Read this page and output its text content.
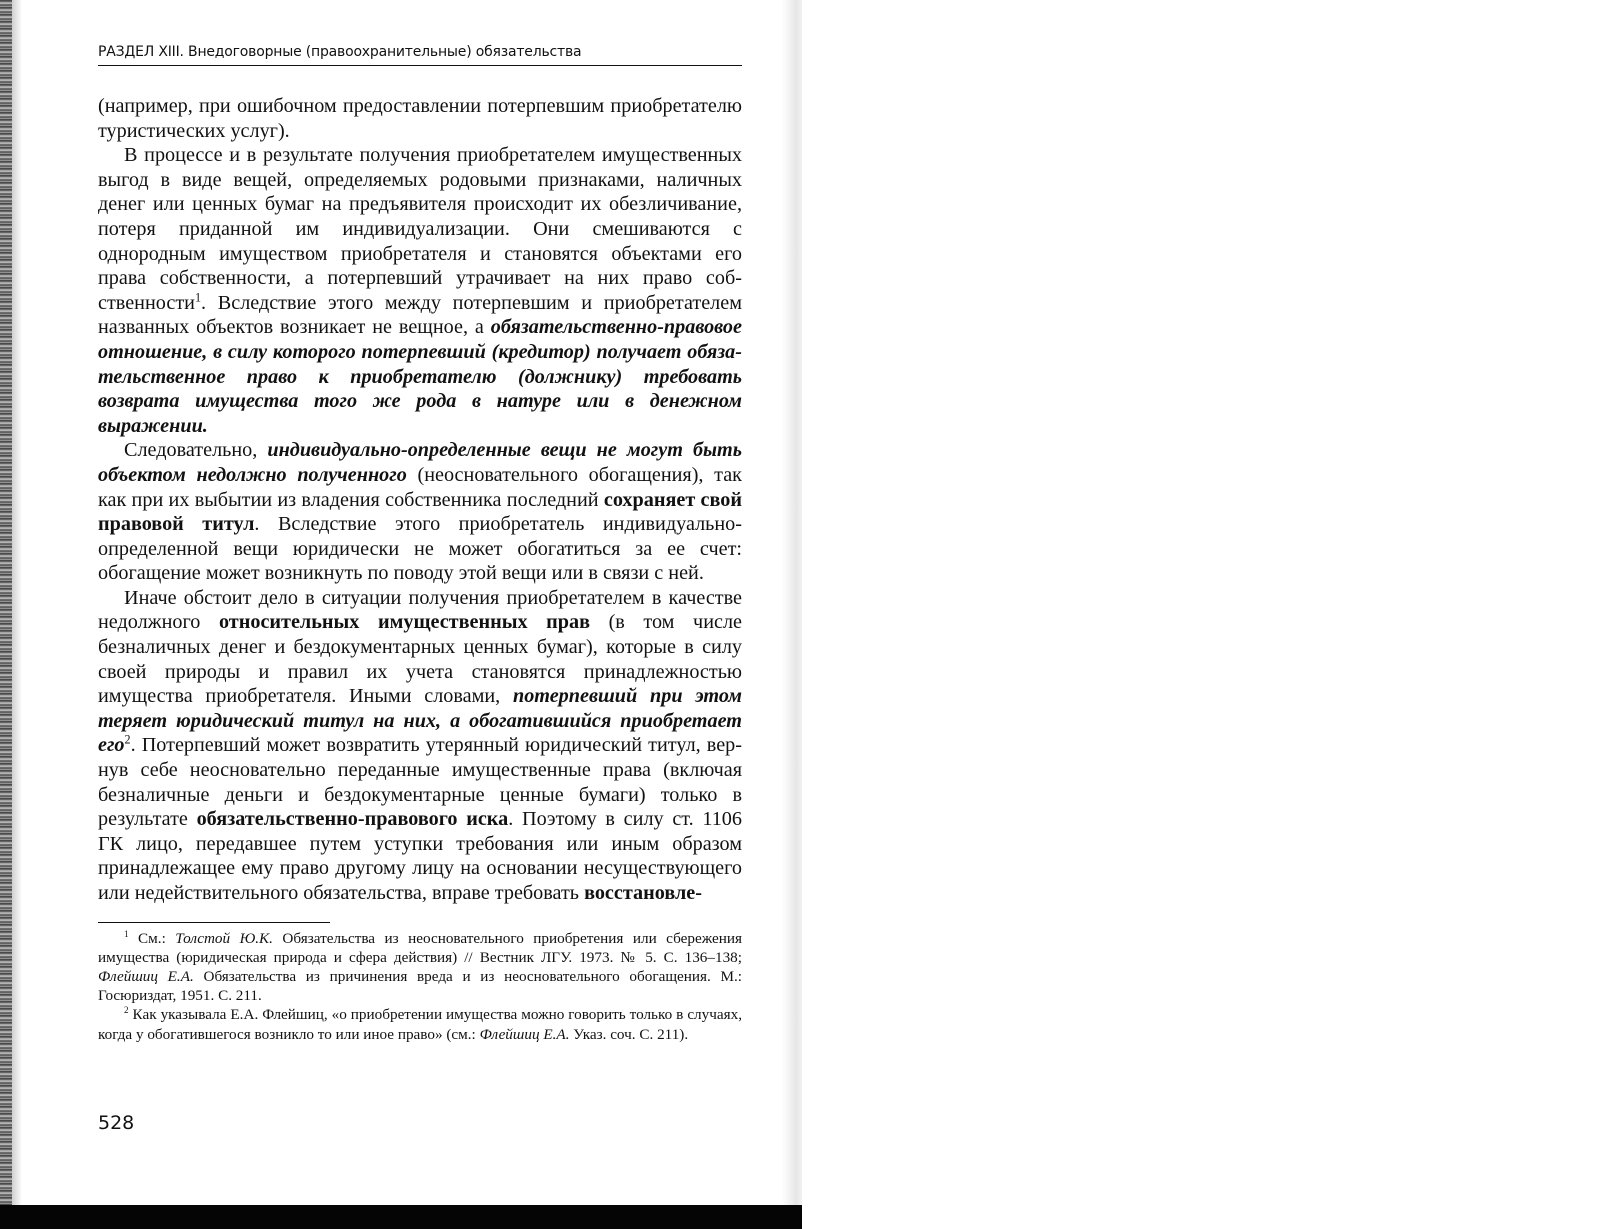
РАЗДЕЛ XIII. Внедоговорные (правоохранительные) обязательства

(например, при ошибочном предоставлении потерпевшим приобретателю туристических услуг).

В процессе и в результате получения приобретателем имущественных выгод в виде вещей, определяемых родовыми признаками, наличных денег или ценных бумаг на предъявителя происходит их обезличивание, потеря приданной им индивидуализации. Они смешиваются с однородным имуществом приобретателя и становятся объектами его права собственности, а потерпевший утрачивает на них право собственности$^1$. Вследствие этого между потерпевшим и приобретателем названных объектов возникает не вещное, а обязательственно-правовое отношение, в силу которого потерпевший (кредитор) получает обязательственное право к приобретателю (должнику) требовать возврата имущества того же рода в натуре или в денежном выражении.

Следовательно, индивидуально-определенные вещи не могут быть объектом недолжно полученного (неосновательного обогащения), так как при их выбытии из владения собственника последний сохраняет свой правовой титул. Вследствие этого приобретатель индивидуально-определенной вещи юридически не может обогатиться за ее счет: обогащение может возникнуть по поводу этой вещи или в связи с ней.

Иначе обстоит дело в ситуации получения приобретателем в качестве недолжного относительных имущественных прав (в том числе безналичных денег и бездокументарных ценных бумаг), которые в силу своей природы и правил их учета становятся принадлежностью имущества приобретателя. Иными словами, потерпевший при этом теряет юридический титул на них, а обогатившийся приобретает его$^2$. Потерпевший может возвратить утерянный юридический титул, вернув себе неосновательно переданные имущественные права (включая безналичные деньги и бездокументарные ценные бумаги) только в результате обязательственно-правового иска. Поэтому в силу ст. 1106 ГК лицо, передавшее путем уступки требования или иным образом принадлежащее ему право другому лицу на основании несуществующего или недействительного обязательства, вправе требовать восстановле-

$^1$ См.: Толстой Ю.К. Обязательства из неосновательного приобретения или сбережения имущества (юридическая природа и сфера действия) // Вестник ЛГУ. 1973. № 5. С. 136–138; Флейшиц Е.А. Обязательства из причинения вреда и из неосновательного обогащения. М.: Госюриздат, 1951. С. 211.

$^2$ Как указывала Е.А. Флейшиц, «о приобретении имущества можно говорить только в случаях, когда у обогатившегося возникло то или иное право» (см.: Флейшиц Е.А. Указ. соч. С. 211).

528
